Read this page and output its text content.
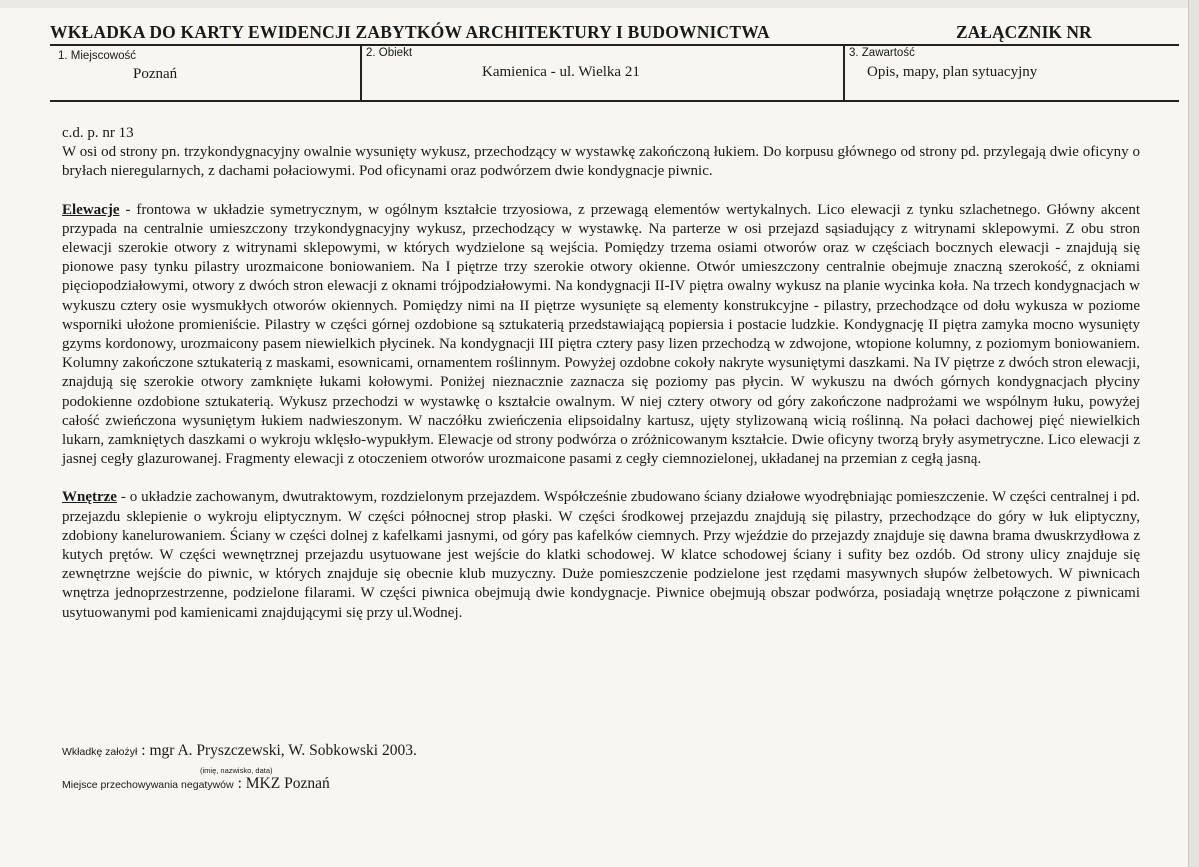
WKŁADKA DO KARTY EWIDENCJI ZABYTKÓW ARCHITEKTURY I BUDOWNICTWA	ZAŁĄCZNIK NR
1. Miejscowość
Poznań
2. Obiekt
Kamienica - ul. Wielka 21
3. Zawartość
Opis, mapy, plan sytuacyjny

c.d. p. nr 13

W osi od strony pn. trzykondygnacyjny owalnie wysunięty wykusz, przechodzący w wystawkę zakończoną łukiem. Do korpusu głównego od strony pd. przylegają dwie oficyny o bryłach nieregularnych, z dachami połaciowymi. Pod oficynami oraz podwórzem dwie kondygnacje piwnic.

Elewacje - frontowa w układzie symetrycznym, w ogólnym kształcie trzyosiowa, z przewagą elementów wertykalnych. Lico elewacji z tynku szlachetnego. Główny akcent przypada na centralnie umieszczony trzykondygnacyjny wykusz, przechodzący w wystawkę. Na parterze w osi przejazd sąsiadujący z witrynami sklepowymi. Z obu stron elewacji szerokie otwory z witrynami sklepowymi, w których wydzielone są wejścia. Pomiędzy trzema osiami otworów oraz w częściach bocznych elewacji - znajdują się pionowe pasy tynku pilastry urozmaicone boniowaniem. Na I piętrze trzy szerokie otwory okienne. Otwór umieszczony centralnie obejmuje znaczną szerokość, z okniami pięciopodziałowymi, otwory z dwóch stron elewacji z oknami trójpodziałowymi. Na kondygnacji II-IV piętra owalny wykusz na planie wycinka koła. Na trzech kondygnacjach w wykuszu cztery osie wysmukłych otworów okiennych. Pomiędzy nimi na II piętrze wysunięte są elementy konstrukcyjne - pilastry, przechodzące od dołu wykusza w poziome wsporniki ułożone promieniście. Pilastry w części górnej ozdobione są sztukaterią przedstawiającą popiersia i postacie ludzkie. Kondygnację II piętra zamyka mocno wysunięty gzyms kordonowy, urozmaicony pasem niewielkich płycinek. Na kondygnacji III piętra cztery pasy lizen przechodzą w zdwojone, wtopione kolumny, z poziomym boniowaniem. Kolumny zakończone sztukaterią z maskami, esownicami, ornamentem roślinnym. Powyżej ozdobne cokoły nakryte wysuniętymi daszkami. Na IV piętrze z dwóch stron elewacji, znajdują się szerokie otwory zamknięte łukami kołowymi. Poniżej nieznacznie zaznacza się poziomy pas płycin. W wykuszu na dwóch górnych kondygnacjach płyciny podokienne ozdobione sztukaterią. Wykusz przechodzi w wystawkę o kształcie owalnym. W niej cztery otwory od góry zakończone nadprożami we wspólnym łuku, powyżej całość zwieńczona wysuniętym łukiem nadwieszonym. W naczółku zwieńczenia elipsoidalny kartusz, ujęty stylizowaną wicią roślinną. Na połaci dachowej pięć niewielkich lukarn, zamkniętych daszkami o wykroju wklęsło-wypukłym. Elewacje od strony podwórza o zróżnicowanym kształcie. Dwie oficyny tworzą bryły asymetryczne. Lico elewacji z jasnej cegły glazurowanej. Fragmenty elewacji z otoczeniem otworów urozmaicone pasami z cegły ciemnozielonej, układanej na przemian z cegłą jasną.

Wnętrze - o układzie zachowanym, dwutraktowym, rozdzielonym przejazdem. Współcześnie zbudowano ściany działowe wyodrębniając pomieszczenie. W części centralnej i pd. przejazdu sklepienie o wykroju eliptycznym. W części północnej strop płaski. W części środkowej przejazdu znajdują się pilastry, przechodzące do góry w łuk eliptyczny, zdobiony kanelurowaniem. Ściany w części dolnej z kafelkami jasnymi, od góry pas kafelków ciemnych. Przy wjeździe do przejazdy znajduje się dawna brama dwuskrzydłowa z kutych prętów. W części wewnętrznej przejazdu usytuowane jest wejście do klatki schodowej. W klatce schodowej ściany i sufity bez ozdób. Od strony ulicy znajduje się zewnętrzne wejście do piwnic, w których znajduje się obecnie klub muzyczny. Duże pomieszczenie podzielone jest rzędami masywnych słupów żelbetowych. W piwnicach wnętrza jednoprzestrzenne, podzielone filarami. W części piwnica obejmują dwie kondygnacje. Piwnice obejmują obszar podwórza, posiadają wnętrze połączone z piwnicami usytuowanymi pod kamienicami znajdującymi się przy ul.Wodnej.

Wkładkę założył : mgr A. Pryszczewski, W. Sobkowski 2003.
(imię, nazwisko, data)
Miejsce przechowywania negatywów : MKZ Poznań
